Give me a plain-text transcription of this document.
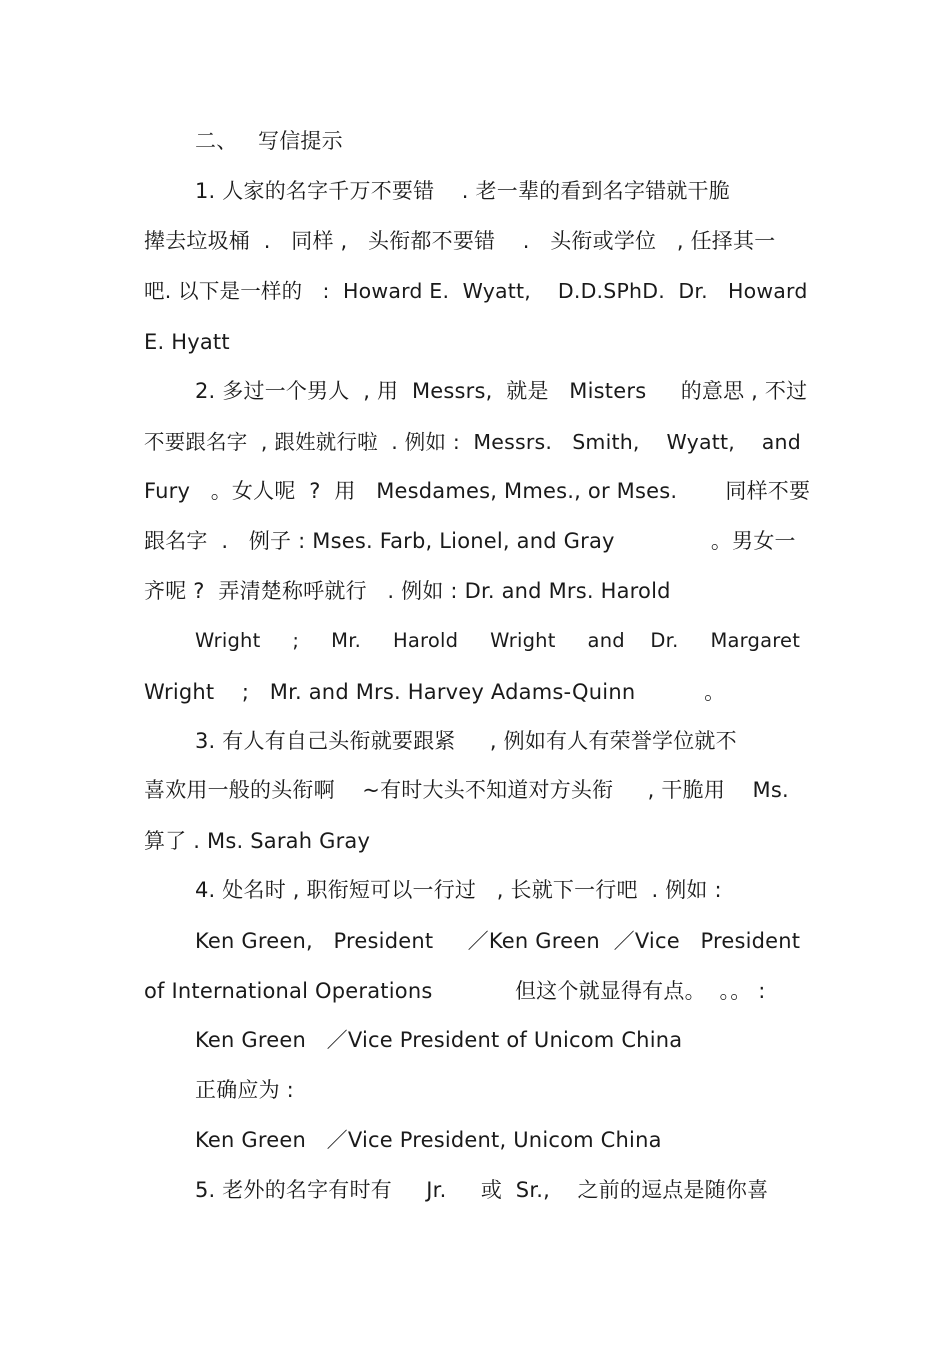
二、   写信提示
1. 人家的名字千万不要错    . 老一辈的看到名字错就干脆
撵去垃圾桶  .   同样 ,   头衔都不要错    .   头衔或学位   , 任择其一
吧. 以下是一样的   :  Howard E.  Wyatt,    D.D.SPhD.  Dr.   Howard
E. Hyatt
2. 多过一个男人  , 用  Messrs,  就是   Misters     的意思 , 不过
不要跟名字  , 跟姓就行啦  . 例如 :  Messrs.   Smith,    Wyatt,    and
Fury   。女人呢  ?  用   Mesdames, Mmes., or Mses.       同样不要
跟名字  .   例子 : Mses. Farb, Lionel, and Gray              。男女一
齐呢 ?  弄清楚称呼就行   . 例如 : Dr. and Mrs. Harold
Wright     ;     Mr.     Harold     Wright     and    Dr.     Margaret
Wright    ;   Mr. and Mrs. Harvey Adams-Quinn          。
3. 有人有自己头衔就要跟紧     , 例如有人有荣誉学位就不
喜欢用一般的头衔啊    ~有时大头不知道对方头衔     , 干脆用    Ms.
算了 . Ms. Sarah Gray
4. 处名时 , 职衔短可以一行过   , 长就下一行吧  . 例如 :
Ken Green,   President     ／Ken Green  ／Vice   President
of International Operations            但这个就显得有点。  。。 :
Ken Green   ／Vice President of Unicom China
正确应为 :
Ken Green   ／Vice President, Unicom China
5. 老外的名字有时有     Jr.     或  Sr.,    之前的逗点是随你喜
